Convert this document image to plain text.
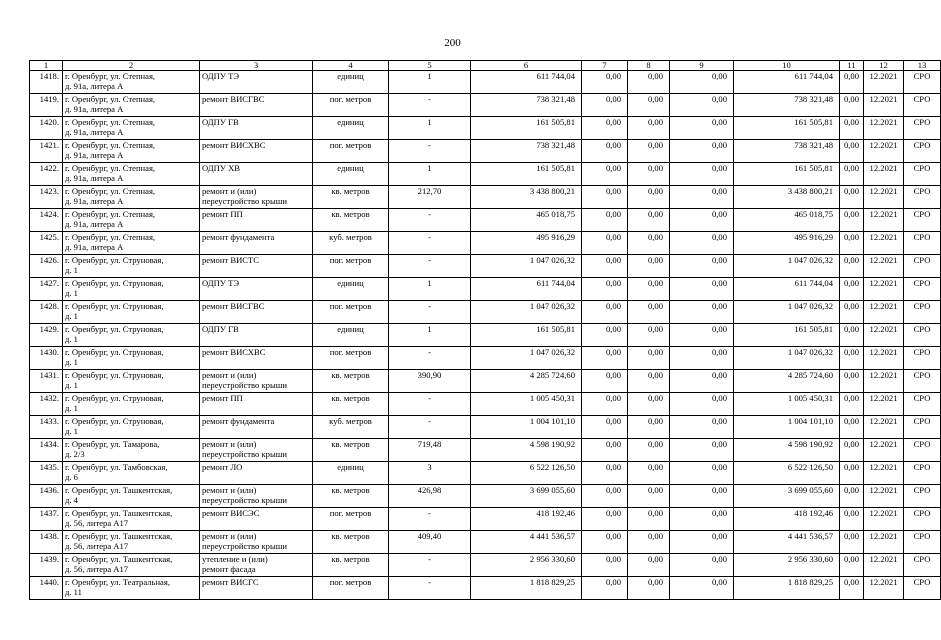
200
1	2	3	4	5	6	7	8	9	10	11	12	13
1418.	г. Оренбург, ул. Степная,
д. 91а, литера А	ОДПУ ТЭ	единиц	1	611 744,04	0,00	0,00	0,00	611 744,04	0,00	12.2021	СРО
1419.	г. Оренбург, ул. Степная,
д. 91а, литера А	ремонт ВИСГВС	пог. метров	-	738 321,48	0,00	0,00	0,00	738 321,48	0,00	12.2021	СРО
1420.	г. Оренбург, ул. Степная,
д. 91а, литера А	ОДПУ ГВ	единиц	1	161 505,81	0,00	0,00	0,00	161 505,81	0,00	12.2021	СРО
1421.	г. Оренбург, ул. Степная,
д. 91а, литера А	ремонт ВИСХВС	пог. метров	-	738 321,48	0,00	0,00	0,00	738 321,48	0,00	12.2021	СРО
1422.	г. Оренбург, ул. Степная,
д. 91а, литера А	ОДПУ ХВ	единиц	1	161 505,81	0,00	0,00	0,00	161 505,81	0,00	12.2021	СРО
1423.	г. Оренбург, ул. Степная,
д. 91а, литера А	ремонт и (или)
переустройство крыши	кв. метров	212,70	3 438 800,21	0,00	0,00	0,00	3 438 800,21	0,00	12.2021	СРО
1424.	г. Оренбург, ул. Степная,
д. 91а, литера А	ремонт ПП	кв. метров	-	465 018,75	0,00	0,00	0,00	465 018,75	0,00	12.2021	СРО
1425.	г. Оренбург, ул. Степная,
д. 91а, литера А	ремонт фундамента	куб. метров	-	495 916,29	0,00	0,00	0,00	495 916,29	0,00	12.2021	СРО
1426.	г. Оренбург, ул. Струновая,
д. 1	ремонт ВИСТС	пог. метров	-	1 047 026,32	0,00	0,00	0,00	1 047 026,32	0,00	12.2021	СРО
1427.	г. Оренбург, ул. Струновая,
д. 1	ОДПУ ТЭ	единиц	1	611 744,04	0,00	0,00	0,00	611 744,04	0,00	12.2021	СРО
1428.	г. Оренбург, ул. Струновая,
д. 1	ремонт ВИСГВС	пог. метров	-	1 047 026,32	0,00	0,00	0,00	1 047 026,32	0,00	12.2021	СРО
1429.	г. Оренбург, ул. Струновая,
д. 1	ОДПУ ГВ	единиц	1	161 505,81	0,00	0,00	0,00	161 505,81	0,00	12.2021	СРО
1430.	г. Оренбург, ул. Струновая,
д. 1	ремонт ВИСХВС	пог. метров	-	1 047 026,32	0,00	0,00	0,00	1 047 026,32	0,00	12.2021	СРО
1431.	г. Оренбург, ул. Струновая,
д. 1	ремонт и (или)
переустройство крыши	кв. метров	390,90	4 285 724,60	0,00	0,00	0,00	4 285 724,60	0,00	12.2021	СРО
1432.	г. Оренбург, ул. Струновая,
д. 1	ремонт ПП	кв. метров	-	1 005 450,31	0,00	0,00	0,00	1 005 450,31	0,00	12.2021	СРО
1433.	г. Оренбург, ул. Струновая,
д. 1	ремонт фундамента	куб. метров	-	1 004 101,10	0,00	0,00	0,00	1 004 101,10	0,00	12.2021	СРО
1434.	г. Оренбург, ул. Тамарова,
д. 2/3	ремонт и (или)
переустройство крыши	кв. метров	719,48	4 598 190,92	0,00	0,00	0,00	4 598 190,92	0,00	12.2021	СРО
1435.	г. Оренбург, ул. Тамбовская,
д. 6	ремонт ЛО	единиц	3	6 522 126,50	0,00	0,00	0,00	6 522 126,50	0,00	12.2021	СРО
1436.	г. Оренбург, ул. Ташкентская,
д. 4	ремонт и (или)
переустройство крыши	кв. метров	426,98	3 699 055,60	0,00	0,00	0,00	3 699 055,60	0,00	12.2021	СРО
1437.	г. Оренбург, ул. Ташкентская,
д. 56, литера А17	ремонт ВИСЭС	пог. метров	-	418 192,46	0,00	0,00	0,00	418 192,46	0,00	12.2021	СРО
1438.	г. Оренбург, ул. Ташкентская,
д. 56, литера А17	ремонт и (или)
переустройство крыши	кв. метров	409,40	4 441 536,57	0,00	0,00	0,00	4 441 536,57	0,00	12.2021	СРО
1439.	г. Оренбург, ул. Ташкентская,
д. 56, литера А17	утепление и (или)
ремонт фасада	кв. метров	-	2 956 330,60	0,00	0,00	0,00	2 956 330,60	0,00	12.2021	СРО
1440.	г. Оренбург, ул. Театральная,
д. 11	ремонт ВИСГС	пог. метров	-	1 818 829,25	0,00	0,00	0,00	1 818 829,25	0,00	12.2021	СРО
